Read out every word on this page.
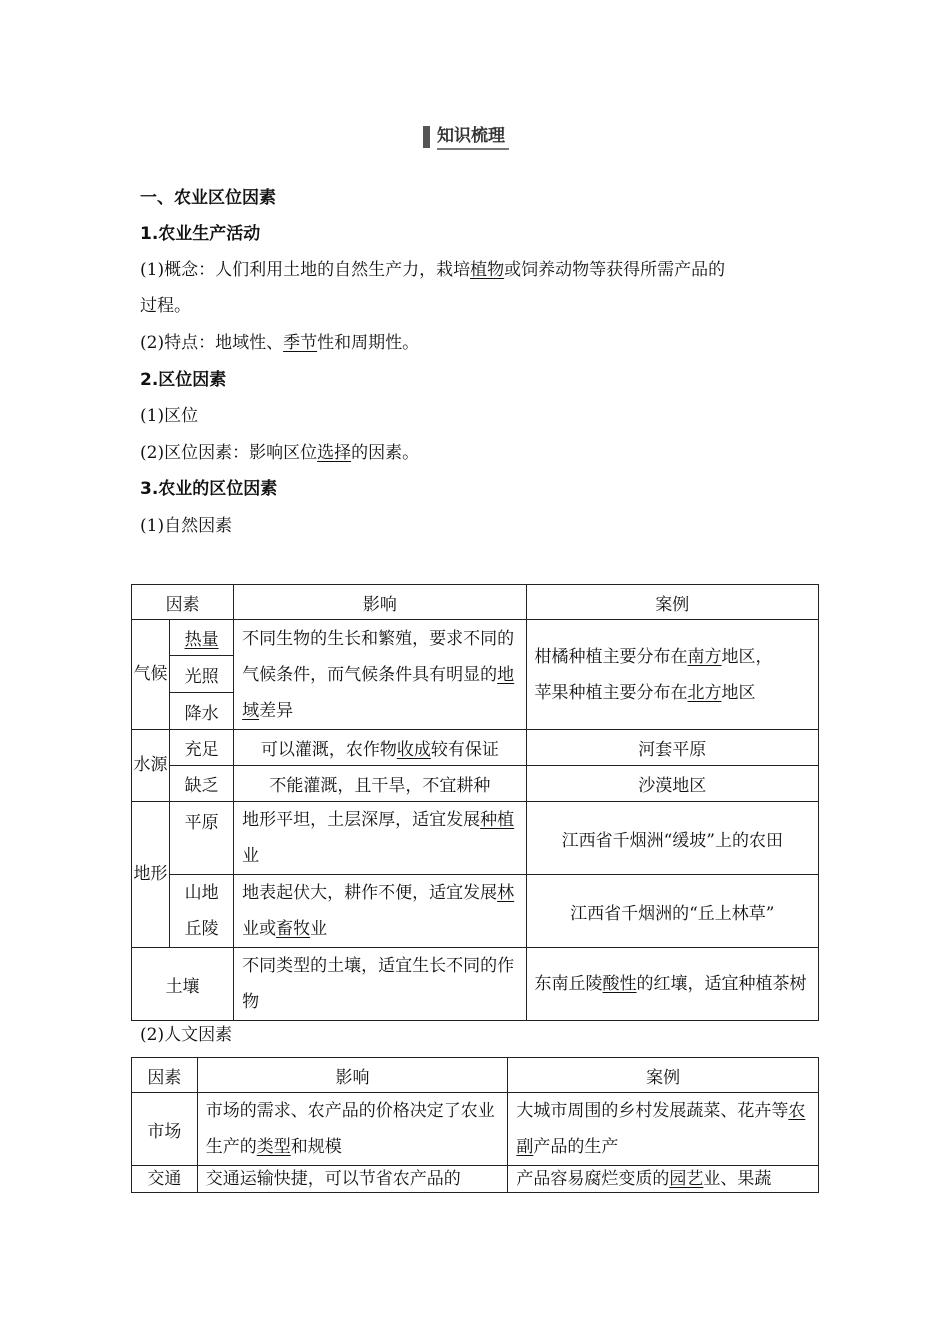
知识梳理
一、农业区位因素
1.农业生产活动
(1)概念：人们利用土地的自然生产力，栽培植物或饲养动物等获得所需产品的
过程。
(2)特点：地域性、季节性和周期性。
2.区位因素
(1)区位
(2)区位因素：影响区位选择的因素。
3.农业的区位因素
(1)自然因素
因素		影响	案例
气候	热量	不同生物的生长和繁殖，要求不同的气候条件，而气候条件具有明显的地域差异	柑橘种植主要分布在南方地区，
苹果种植主要分布在北方地区

	光照		
	降水		
水源	充足	可以灌溉，农作物收成较有保证	河套平原
	缺乏	不能灌溉，且干旱，不宜耕种	沙漠地区
地形	平原	地形平坦，土层深厚，适宜发展种植业	江西省千烟洲“缓坡”上的农田
	山地丘陵	地表起伏大，耕作不便，适宜发展林业或畜牧业	江西省千烟洲的“丘上林草”
土壤		不同类型的土壤，适宜生长不同的作物	东南丘陵酸性的红壤，适宜种植茶树
(2)人文因素
因素	影响	案例
市场	市场的需求、农产品的价格决定了农业生产的类型和规模	大城市周围的乡村发展蔬菜、花卉等农副产品的生产
交通	交通运输快捷，可以节省农产品的	产品容易腐烂变质的园艺业、果蔬
